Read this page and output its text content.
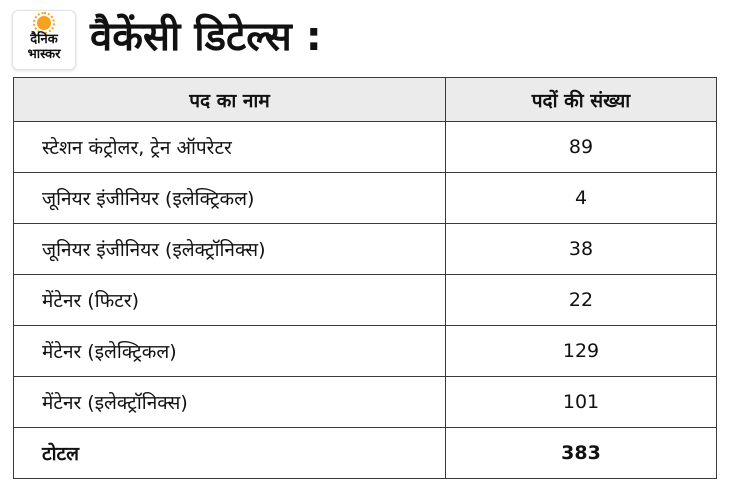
दैनिक
भास्कर वैकेंसी डिटेल्स :
पद का नाम	पदों की संख्या
स्टेशन कंट्रोलर, ट्रेन ऑपरेटर	89
जूनियर इंजीनियर (इलेक्ट्रिकल)	4
जूनियर इंजीनियर (इलेक्ट्रॉनिक्स)	38
मेंटेनर (फिटर)	22
मेंटेनर (इलेक्ट्रिकल)	129
मेंटेनर (इलेक्ट्रॉनिक्स)	101
टोटल	383
